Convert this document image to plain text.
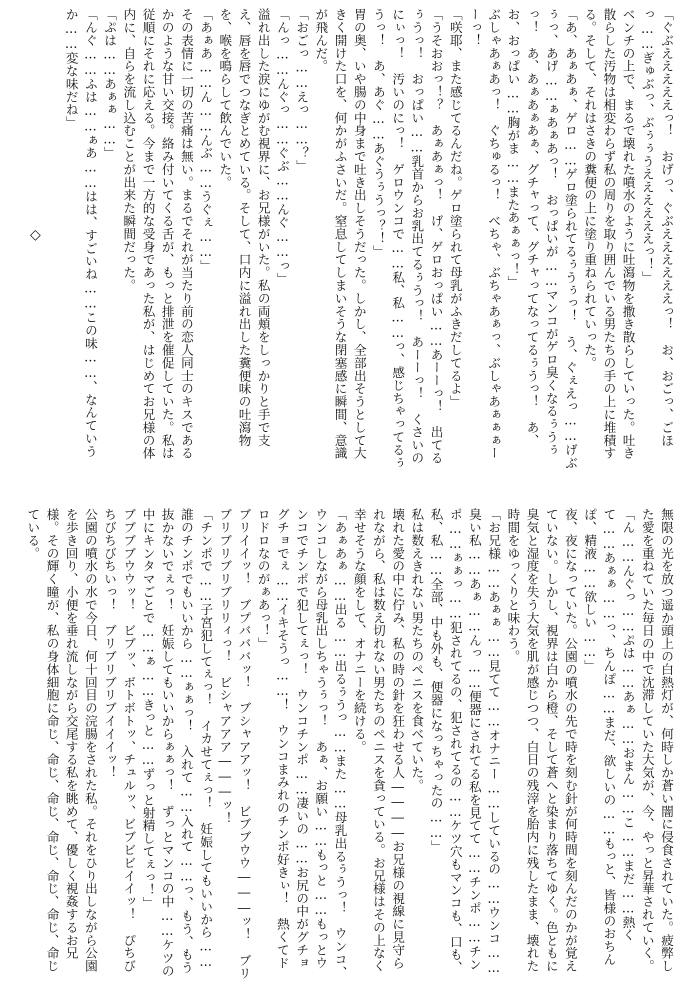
「ぐぶえええええっ！　おげっ、ぐぶええええええっ！　お、おごっ、ごほっ……ぎゅぶっ、ぶぅぅうええええええっ！」
ベンチの上で、まるで壊れた噴水のように吐瀉物を撒き散らしていった。吐き散らした汚物は相変わらず私の周りを取り囲んでいる男たちの手の上に堆積する。そして、それはさきの糞便の上に塗り重ねられていった。
「あ、あぁあぁ、ゲロ……ゲロ塗られてるぅうぅっ！　う、ぐぇえっ……げぶぅっ、あげ……ぁあぁあっ！　おっぱいが……マンコがゲロ臭くなるぅうぅっ！　あ、あぁあぁあぁ、グチャって、グチャってなってるぅうっ！　あ、お、おっぱい……胸がま……またあぁぁっ！」
ぶしゃあぁあっ！　ぐちゅるっ！　べちゃ、ぶちゃあぁっ、ぶしゃあぁぁぁーーっ！
「咲耶、また感じてるんだね。ゲロ塗られて母乳がふきだしてるよ」
「うそおおっ！？　あぁあぁっ！　げ、ゲロおっぱい……あーーっ！　出てるぅうっ！　おっぱい……乳首からお乳出てるぅうっ！　あーーっ！　くさいのにぃっ！　汚いのにっ！　ゲロウンコで……私、私……っ、感じちゃってるぅうっ！　あ、あぐ……あぐうぅうっ？！」
胃の奥、いや腸の中身まで吐き出しそうだった。しかし、全部出そうとして大きく開けた口を、何かがふさいだ。窒息してしまいそうな閉塞感に瞬間、意識が飛んだ。
「おごっ……えっ……？」
「んっ……んぐっ……ぐぶ……んぐ……っ」
溢れ出した涙にゆがむ視界に、お兄様がいた。私の両頬をしっかりと手で支え、唇を唇でつなぎとめている。そして、口内に溢れ出した糞便味の吐瀉物を、喉を鳴らして飲んでいた。
「あぁあ……ん……んぶ……うぐぇ……」
その表情に一切の苦痛は無い。まるでそれが当たり前の恋人同士のキスであるかのような甘い交接。絡み付いてくる舌が、もっと排泄を催促していた。私は従順にそれに応える。今まで一方的な受身であった私が、はじめてお兄様の体内に、自らを流し込むことが出来た瞬間だった。
「ぷは……あぁぁ……」
「んぐ……ふは……ぁあ……はは、すごいね……この味……、なんていうか……変な味だね」

◇
無限の光を放つ遥か頭上の白熱灯が、何時しか蒼い闇に侵食されていた。疲弊した愛を重ねていた毎日の中で沈滞していた大気が、今、やっと昇華されていく。
「ん……んぐっ……ぷは……あぁ……おまん……こ……まだ……熱くて……あぁぁ……っ、ちんぽ……まだ、欲しいの……もっと、皆様のおちんぽ、精液……欲しい……」
夜、夜になっていた。公園の噴水の先で時を刻む針が何時間を刻んだのかが覚えていない。しかし、視界は白から橙、そして蒼へと染まり落ちてゆく。色ともに臭気と湿度を失う大気を肌が感じつつ、白日の残滓を胎内に残したまま、壊れた時間をゆっくりと味わう。
「お兄様……あぁぁ……見てて……オナニー……しているの……ウンコ……臭い私……あぁ……んっ……便器にされてる私を見てて……チンポ……チンポ……ぁぁっ……犯されてるの、犯されてるの……ケツ穴もマンコも、口も、私、私……全部、中も外も、便器になっちゃったの……」
私は数えきれない男たちのペニスを食べていた。
壊れた愛の中に佇み、私の時の針を狂わせる人――――お兄様の視線に見守られながら、私は数え切れない男たちのペニスを貪っている。お兄様はその上なく幸せそうな顔をして、オナニーを続ける。
「あぁあぁ……出る……出るぅうっ……また……母乳出るぅうっ！　ウンコ、ウンコしながら母乳出しちゃうぅっ！　あぁ、お願い……もっと……もっとウンコでチンポで犯してぇっ！　ウンコチンポ……凄いの……お尻の中がグチョグチョでぇ……イキそうっ……！　ウンコまみれのチンポ好きぃ！　熱くてドロドロなのがぁあっ！」
ブリイイッ！　ブプバババッ！　ブシャアアッ！　ビブブウウ―――ッ！　ブリブリブリブリブリリィっ！　ビシャアアア―――ッ！
「チンポで……子宮犯してぇっ！　イカせてぇっ！　妊娠してもいいから……誰のチンポでもいいから……ぁぁっ！　入れて……入れて……っ、もう、もう抜かないでぇっ！　妊娠してもいいからぁぁっ！　ずっとマンコの中……ケツの中にキンタマごとで……ぁ……きっと……ずっと射精してぇっ！」
ブブブブウウッ！　ビブッ、ボトボトッ、チュルッ、ビブビビイイッ！　ぴちびちびちびちいっ！　ブリブリブリブイイイッ！
公園の噴水の水で今日、何十回目の浣腸をされた私。それをひり出しながら公園を歩き回り、小便を垂れ流しながら交尾する私を眺めて、優しく視姦するお兄様。その輝く瞳が、私の身体細胞に命じ、命じ、命じ、命じ、命じ、命じ、命じている。
